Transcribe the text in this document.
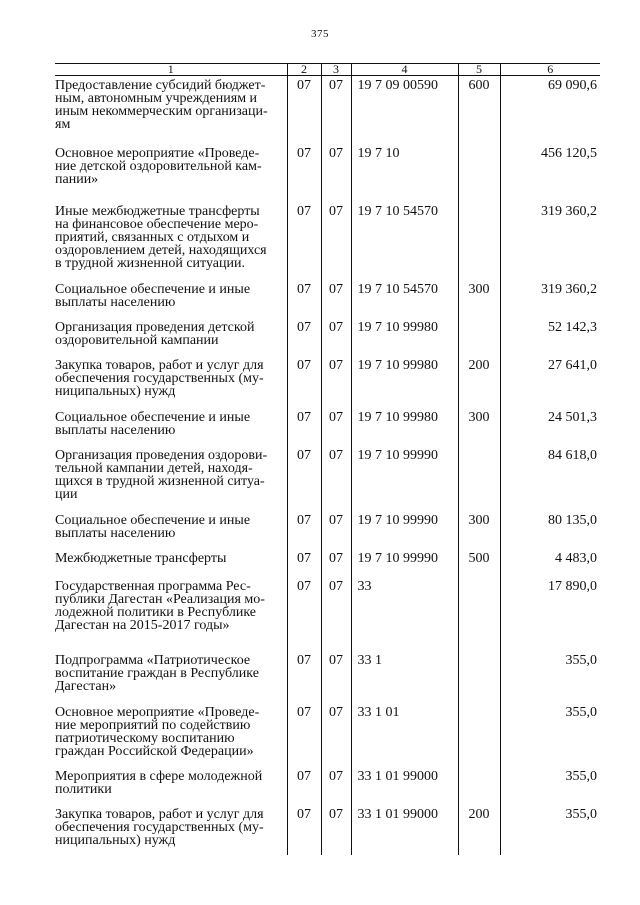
375
1	2	3	4	5	6
Предоставление субсидий бюджет-
ным, автономным учреждениям и
иным некоммерческим организаци-
ям	07	07	19 7 09 00590	600	69 090,6
Основное мероприятие «Проведе-
ние детской оздоровительной кам-
пании»	07	07	19 7 10		456 120,5
Иные межбюджетные трансферты
на финансовое обеспечение меро-
приятий, связанных с отдыхом и
оздоровлением детей, находящихся
в трудной жизненной ситуации.	07	07	19 7 10 54570		319 360,2
Социальное обеспечение и иные
выплаты населению	07	07	19 7 10 54570	300	319 360,2
Организация проведения детской
оздоровительной кампании	07	07	19 7 10 99980		52 142,3
Закупка товаров, работ и услуг для
обеспечения государственных (му-
ниципальных) нужд	07	07	19 7 10 99980	200	27 641,0
Социальное обеспечение и иные
выплаты населению	07	07	19 7 10 99980	300	24 501,3
Организация проведения оздорови-
тельной кампании детей, находя-
щихся в трудной жизненной ситуа-
ции	07	07	19 7 10 99990		84 618,0
Социальное обеспечение и иные
выплаты населению	07	07	19 7 10 99990	300	80 135,0
Межбюджетные трансферты	07	07	19 7 10 99990	500	4 483,0
Государственная программа Рес-
публики Дагестан «Реализация мо-
лодежной политики в Республике
Дагестан на 2015-2017 годы»	07	07	33		17 890,0
Подпрограмма «Патриотическое
воспитание граждан в Республике
Дагестан»	07	07	33 1		355,0
Основное мероприятие «Проведе-
ние мероприятий по содействию
патриотическому воспитанию
граждан Российской Федерации»	07	07	33 1 01		355,0
Мероприятия в сфере молодежной
политики	07	07	33 1 01 99000		355,0
Закупка товаров, работ и услуг для
обеспечения государственных (му-
ниципальных) нужд	07	07	33 1 01 99000	200	355,0
